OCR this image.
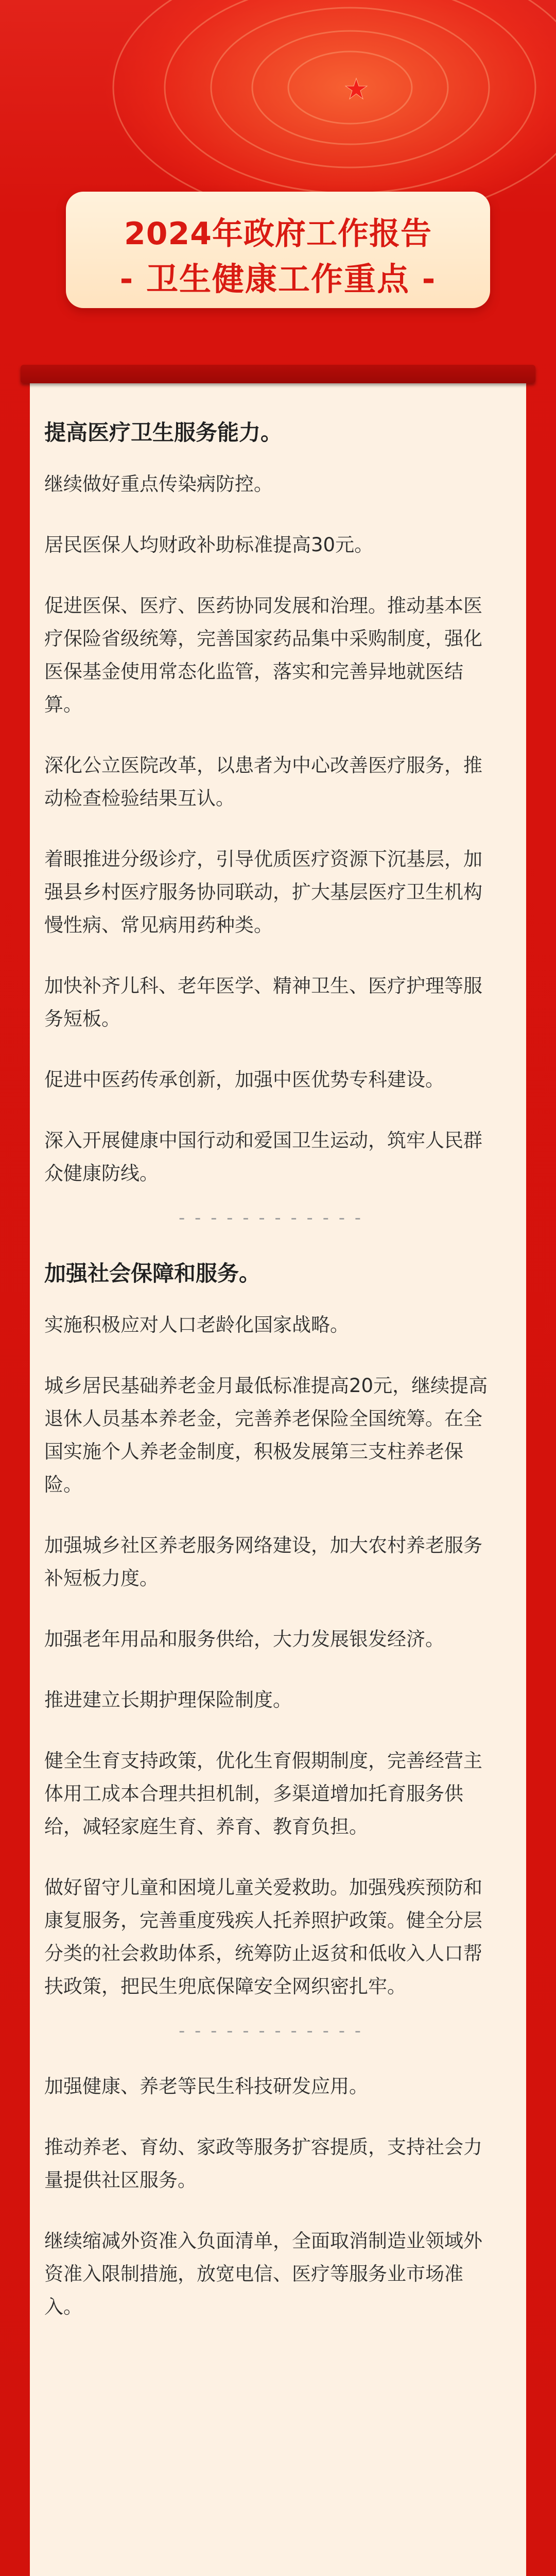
2024年政府工作报告
- 卫生健康工作重点 -
提高医疗卫生服务能力。

继续做好重点传染病防控。

居民医保人均财政补助标准提高30元。

促进医保、医疗、医药协同发展和治理。推动基本医疗保险省级统筹，完善国家药品集中采购制度，强化医保基金使用常态化监管，落实和完善异地就医结算。

深化公立医院改革，以患者为中心改善医疗服务，推动检查检验结果互认。

着眼推进分级诊疗，引导优质医疗资源下沉基层，加强县乡村医疗服务协同联动，扩大基层医疗卫生机构慢性病、常见病用药种类。

加快补齐儿科、老年医学、精神卫生、医疗护理等服务短板。

促进中医药传承创新，加强中医优势专科建设。

深入开展健康中国行动和爱国卫生运动，筑牢人民群众健康防线。

- - - - - - - - - - - -
加强社会保障和服务。

实施积极应对人口老龄化国家战略。

城乡居民基础养老金月最低标准提高20元，继续提高退休人员基本养老金，完善养老保险全国统筹。在全国实施个人养老金制度，积极发展第三支柱养老保险。

加强城乡社区养老服务网络建设，加大农村养老服务补短板力度。

加强老年用品和服务供给，大力发展银发经济。

推进建立长期护理保险制度。

健全生育支持政策，优化生育假期制度，完善经营主体用工成本合理共担机制，多渠道增加托育服务供给，减轻家庭生育、养育、教育负担。

做好留守儿童和困境儿童关爱救助。加强残疾预防和康复服务，完善重度残疾人托养照护政策。健全分层分类的社会救助体系，统筹防止返贫和低收入人口帮扶政策，把民生兜底保障安全网织密扎牢。

- - - - - - - - - - - -

加强健康、养老等民生科技研发应用。

推动养老、育幼、家政等服务扩容提质，支持社会力量提供社区服务。

继续缩减外资准入负面清单，全面取消制造业领域外资准入限制措施，放宽电信、医疗等服务业市场准入。
